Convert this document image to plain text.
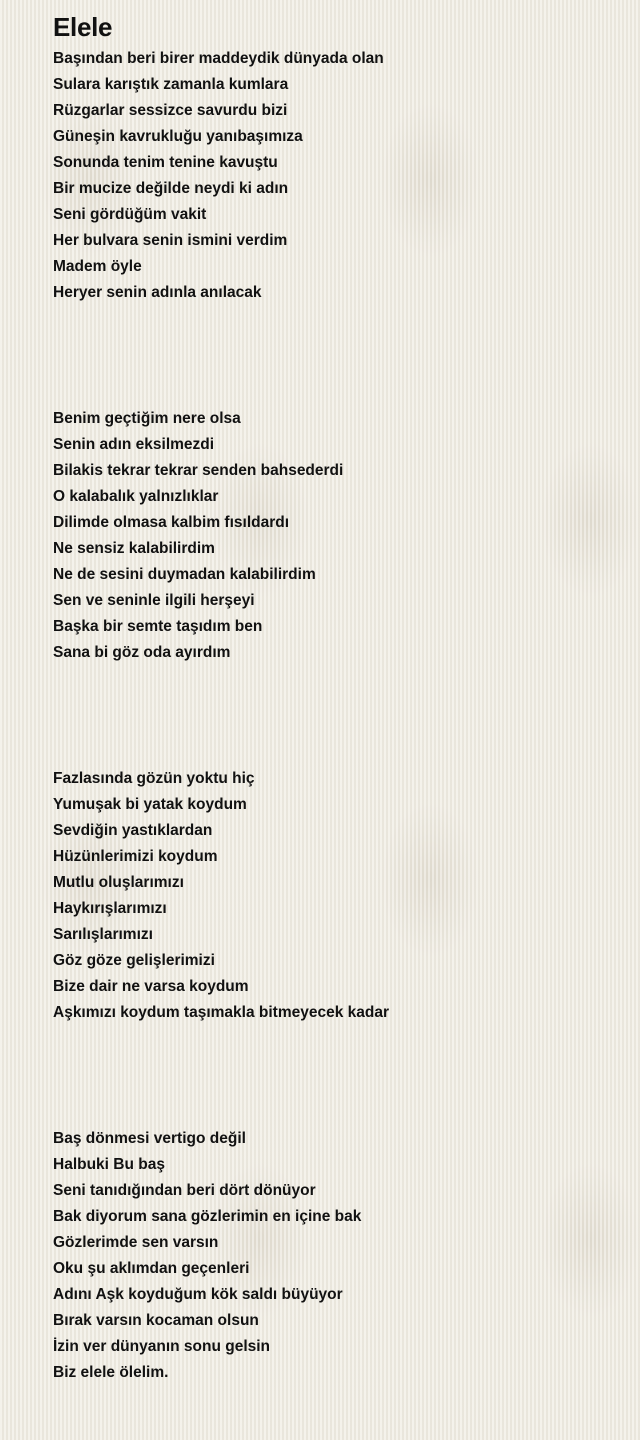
Elele
Başından beri birer maddeydik dünyada olan
Sulara karıştık zamanla kumlara
Rüzgarlar sessizce savurdu bizi
Güneşin kavrukluğu yanıbaşımıza
Sonunda tenim tenine kavuştu
Bir mucize değilde neydi ki adın
Seni gördüğüm vakit
Her bulvara senin ismini verdim
Madem öyle
Heryer senin adınla anılacak
Benim geçtiğim nere olsa
Senin adın eksilmezdi
Bilakis tekrar tekrar senden bahsederdi
O kalabalık yalnızlıklar
Dilimde olmasa kalbim fısıldardı
Ne sensiz kalabilirdim
Ne de sesini duymadan kalabilirdim
Sen ve seninle ilgili herşeyi
Başka bir semte taşıdım ben
Sana bi göz oda ayırdım
Fazlasında gözün yoktu hiç
Yumuşak bi yatak koydum
Sevdiğin yastıklardan
Hüzünlerimizi koydum
Mutlu oluşlarımızı
Haykırışlarımızı
Sarılışlarımızı
Göz göze gelişlerimizi
Bize dair ne varsa koydum
Aşkımızı koydum taşımakla bitmeyecek kadar
Baş dönmesi vertigo değil
Halbuki Bu baş
Seni tanıdığından beri dört dönüyor
Bak diyorum sana gözlerimin en içine bak
Gözlerimde sen varsın
Oku şu aklımdan geçenleri
Adını Aşk koyduğum kök saldı büyüyor
Bırak varsın kocaman olsun
İzin ver dünyanın sonu gelsin
Biz elele ölelim.
